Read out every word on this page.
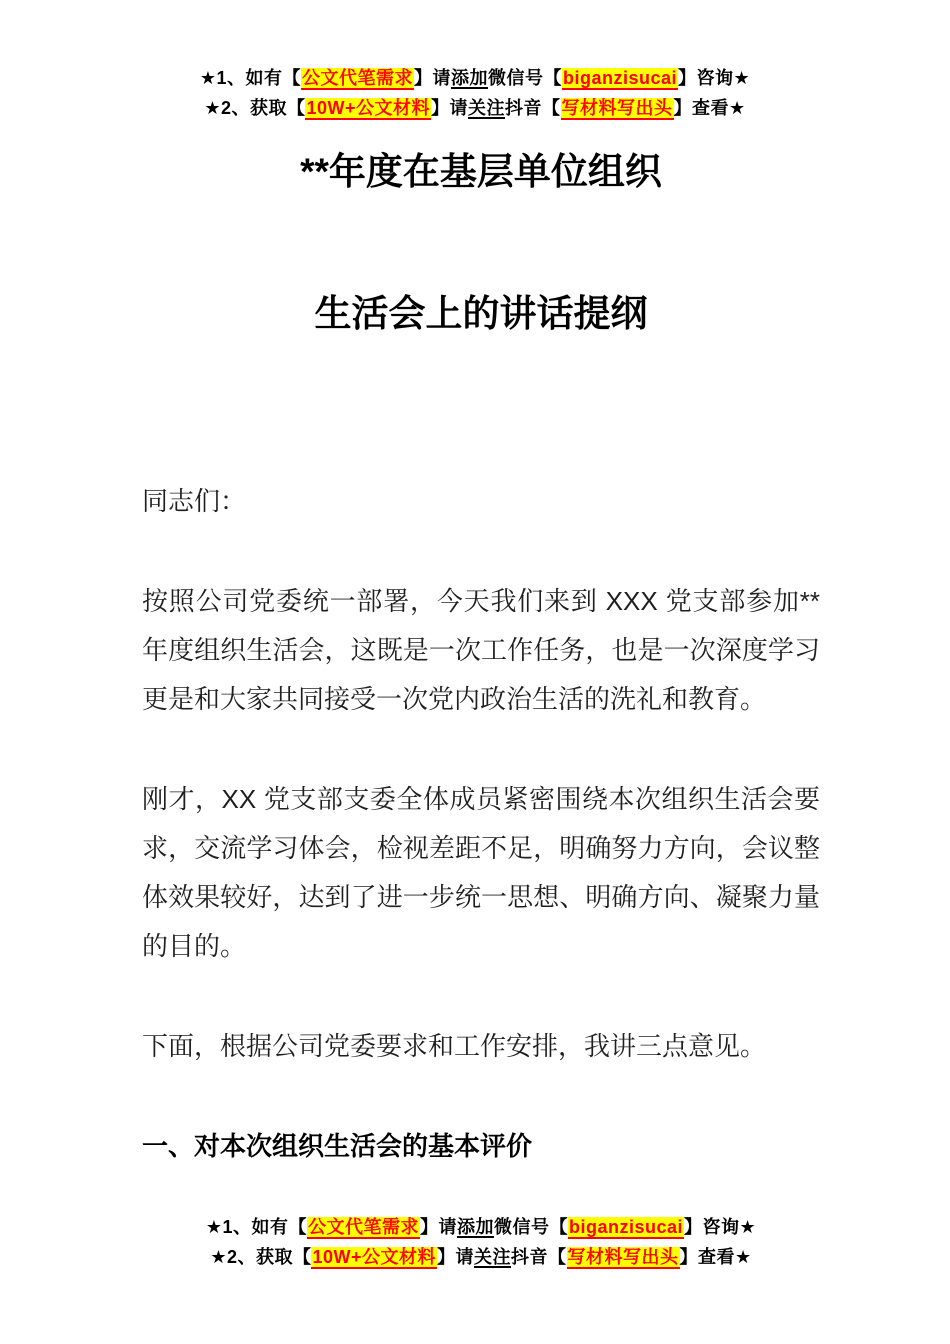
★1、如有【公文代笔需求】请添加微信号【biganzisucai】咨询★
★2、获取【10W+公文材料】请关注抖音【写材料写出头】查看★
**年度在基层单位组织
生活会上的讲话提纲

同志们：

按照公司党委统一部署，今天我们来到 XXX 党支部参加**年度组织生活会，这既是一次工作任务，也是一次深度学习更是和大家共同接受一次党内政治生活的洗礼和教育。

刚才，XX 党支部支委全体成员紧密围绕本次组织生活会要求，交流学习体会，检视差距不足，明确努力方向，会议整体效果较好，达到了进一步统一思想、明确方向、凝聚力量的目的。

下面，根据公司党委要求和工作安排，我讲三点意见。

一、对本次组织生活会的基本评价

★1、如有【公文代笔需求】请添加微信号【biganzisucai】咨询★
★2、获取【10W+公文材料】请关注抖音【写材料写出头】查看★
